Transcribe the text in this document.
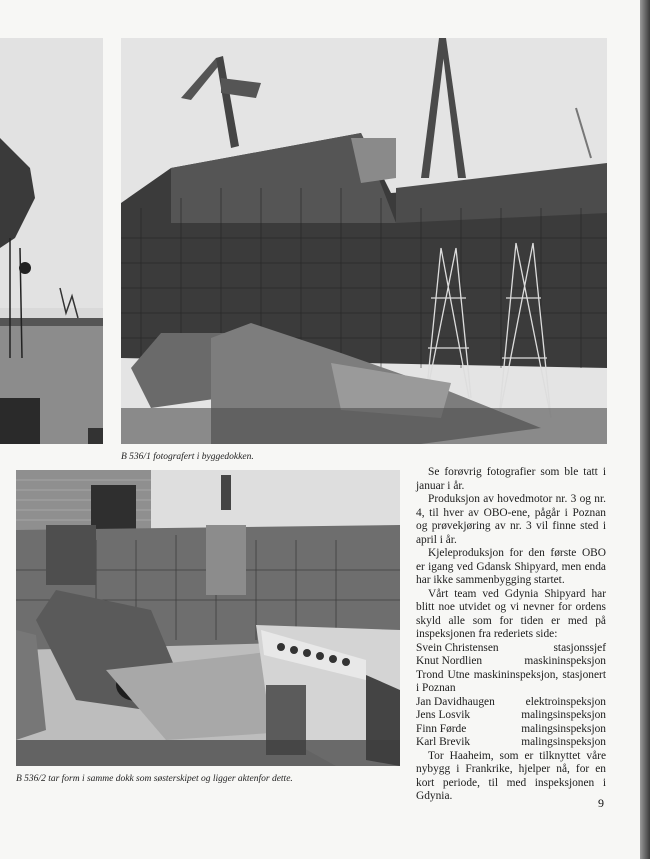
B 536/1 fotografert i byggedokken.
B 536/2 tar form i samme dokk som søsterskipet og ligger aktenfor dette.

Se forøvrig fotografier som ble tatt i januar i år.

Produksjon av hovedmotor nr. 3 og nr. 4, til hver av OBO-ene, pågår i Poznan og prøvekjøring av nr. 3 vil finne sted i april i år.

Kjeleproduksjon for den første OBO er igang ved Gdansk Shipyard, men enda har ikke sammenbygging startet.

Vårt team ved Gdynia Shipyard har blitt noe utvidet og vi nevner for ordens skyld alle som for tiden er med på inspeksjonen fra rederiets side:

Svein Christensen	stasjonssjef
Knut Nordlien	maskininspeksjon
Trond Utne maskininspeksjon, stasjonert i Poznan
Jan Davidhaugen	elektroinspeksjon
Jens Losvik	malingsinspeksjon
Finn Førde	malingsinspeksjon
Karl Brevik	malingsinspeksjon

Tor Haaheim, som er tilknyttet våre nybygg i Frankrike, hjelper nå, for en kort periode, til med inspeksjonen i Gdynia.	9
